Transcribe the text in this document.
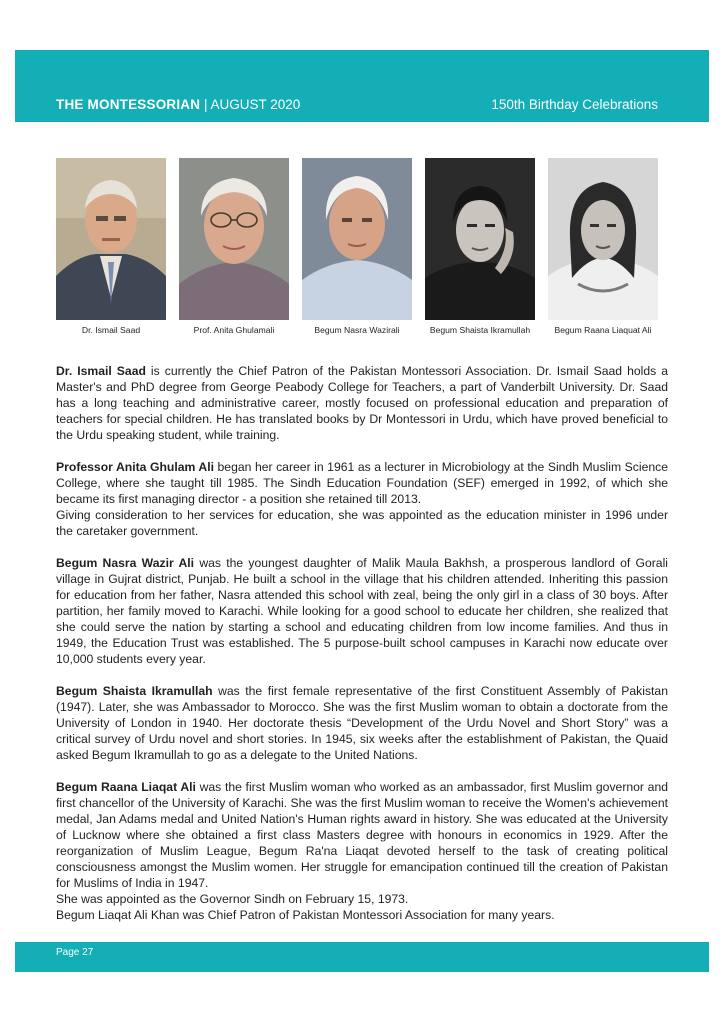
THE MONTESSORIAN | AUGUST 2020	150th Birthday Celebrations
Dr. Ismail Saad	Prof. Anita Ghulamali	Begum Nasra Wazirali	Begum Shaista Ikramullah	Begum Raana Liaquat Ali

Dr. Ismail Saad is currently the Chief Patron of the Pakistan Montessori Association. Dr. Ismail Saad holds a Master's and PhD degree from George Peabody College for Teachers, a part of Vanderbilt University. Dr. Saad has a long teaching and administrative career, mostly focused on professional education and preparation of teachers for special children. He has translated books by Dr Montessori in Urdu, which have proved beneficial to the Urdu speaking student, while training.

Professor Anita Ghulam Ali began her career in 1961 as a lecturer in Microbiology at the Sindh Muslim Science College, where she taught till 1985. The Sindh Education Foundation (SEF) emerged in 1992, of which she became its first managing director - a position she retained till 2013.
Giving consideration to her services for education, she was appointed as the education minister in 1996 under the caretaker government.

Begum Nasra Wazir Ali was the youngest daughter of Malik Maula Bakhsh, a prosperous landlord of Gorali village in Gujrat district, Punjab. He built a school in the village that his children attended. Inheriting this passion for education from her father, Nasra attended this school with zeal, being the only girl in a class of 30 boys. After partition, her family moved to Karachi. While looking for a good school to educate her children, she realized that she could serve the nation by starting a school and educating children from low income families. And thus in 1949, the Education Trust was established. The 5 purpose-built school campuses in Karachi now educate over 10,000 students every year.

Begum Shaista Ikramullah was the first female representative of the first Constituent Assembly of Pakistan (1947). Later, she was Ambassador to Morocco. She was the first Muslim woman to obtain a doctorate from the University of London in 1940. Her doctorate thesis “Development of the Urdu Novel and Short Story” was a critical survey of Urdu novel and short stories. In 1945, six weeks after the establishment of Pakistan, the Quaid asked Begum Ikramullah to go as a delegate to the United Nations.

Begum Raana Liaqat Ali was the first Muslim woman who worked as an ambassador, first Muslim governor and first chancellor of the University of Karachi. She was the first Muslim woman to receive the Women's achievement medal, Jan Adams medal and United Nation's Human rights award in history. She was educated at the University of Lucknow where she obtained a first class Masters degree with honours in economics in 1929. After the reorganization of Muslim League, Begum Ra'na Liaqat devoted herself to the task of creating political consciousness amongst the Muslim women. Her struggle for emancipation continued till the creation of Pakistan for Muslims of India in 1947.
She was appointed as the Governor Sindh on February 15, 1973.
Begum Liaqat Ali Khan was Chief Patron of Pakistan Montessori Association for many years.

Page 27
